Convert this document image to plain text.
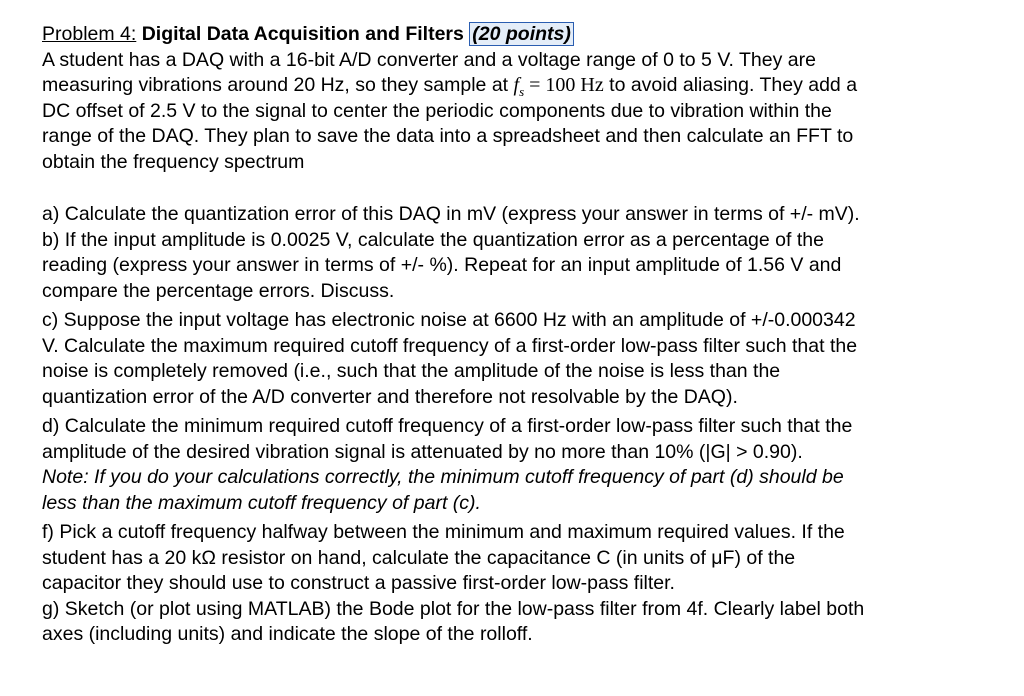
Problem 4: Digital Data Acquisition and Filters (20 points)
A student has a DAQ with a 16-bit A/D converter and a voltage range of 0 to 5 V. They are
measuring vibrations around 20 Hz, so they sample at $f_s = 100$ Hz to avoid aliasing. They add a
DC offset of 2.5 V to the signal to center the periodic components due to vibration within the
range of the DAQ. They plan to save the data into a spreadsheet and then calculate an FFT to
obtain the frequency spectrum
a) Calculate the quantization error of this DAQ in mV (express your answer in terms of +/- mV).
b) If the input amplitude is 0.0025 V, calculate the quantization error as a percentage of the
reading (express your answer in terms of +/- %). Repeat for an input amplitude of 1.56 V and
compare the percentage errors. Discuss.
c) Suppose the input voltage has electronic noise at 6600 Hz with an amplitude of +/-0.000342
V. Calculate the maximum required cutoff frequency of a first-order low-pass filter such that the
noise is completely removed (i.e., such that the amplitude of the noise is less than the
quantization error of the A/D converter and therefore not resolvable by the DAQ).
d) Calculate the minimum required cutoff frequency of a first-order low-pass filter such that the
amplitude of the desired vibration signal is attenuated by no more than 10% (|G| > 0.90).
Note: If you do your calculations correctly, the minimum cutoff frequency of part (d) should be
less than the maximum cutoff frequency of part (c).
f) Pick a cutoff frequency halfway between the minimum and maximum required values. If the
student has a 20 kΩ resistor on hand, calculate the capacitance C (in units of μF) of the
capacitor they should use to construct a passive first-order low-pass filter.
g) Sketch (or plot using MATLAB) the Bode plot for the low-pass filter from 4f. Clearly label both
axes (including units) and indicate the slope of the rolloff.
